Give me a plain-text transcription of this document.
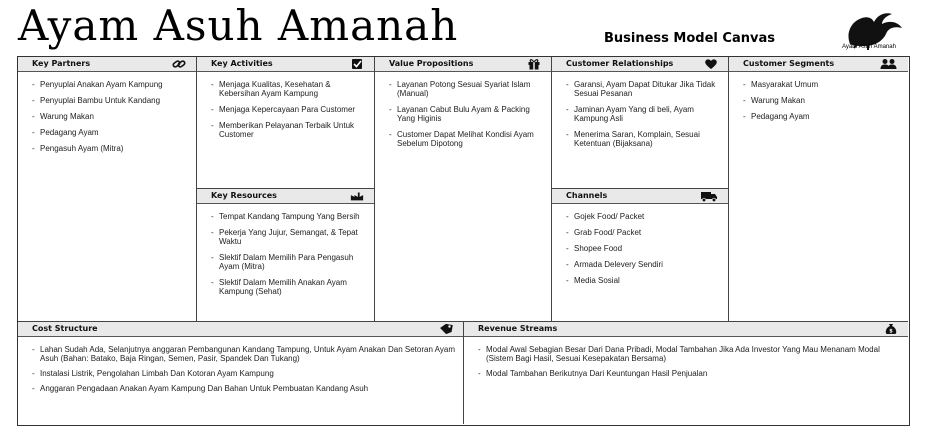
Ayam Asuh Amanah	Business Model Canvas
Ayam Asuh Amanah
Key Partners
- Penyuplai Anakan Ayam Kampung
- Penyuplai Bambu Untuk Kandang
- Warung Makan
- Pedagang Ayam
- Pengasuh Ayam (Mitra)
Key Activities
- Menjaga Kualitas, Kesehatan & Kebersihan Ayam Kampung
- Menjaga Kepercayaan Para Customer
- Memberikan Pelayanan Terbaik Untuk Customer
Key Resources
- Tempat Kandang Tampung Yang Bersih
- Pekerja Yang Jujur, Semangat, & Tepat Waktu
- Slektif Dalam Memilih Para Pengasuh Ayam (Mitra)
- Slektif Dalam Memilih Anakan Ayam Kampung (Sehat)
Value Propositions
- Layanan Potong Sesuai Syariat Islam (Manual)
- Layanan Cabut Bulu Ayam & Packing Yang Higinis
- Customer Dapat Melihat Kondisi Ayam Sebelum Dipotong
Customer Relationships
- Garansi, Ayam Dapat Ditukar Jika Tidak Sesuai Pesanan
- Jaminan Ayam Yang di beli, Ayam Kampung Asli
- Menerima Saran, Komplain, Sesuai Ketentuan (Bijaksana)
Channels
- Gojek Food/ Packet
- Grab Food/ Packet
- Shopee Food
- Armada Delevery Sendiri
- Media Sosial
Customer Segments
- Masyarakat Umum
- Warung Makan
- Pedagang Ayam
Cost Structure
- Lahan Sudah Ada, Selanjutnya anggaran Pembangunan Kandang Tampung, Untuk Ayam Anakan Dan Setoran Ayam Asuh (Bahan: Batako, Baja Ringan, Semen, Pasir, Spandek Dan Tukang)
- Instalasi Listrik, Pengolahan Limbah Dan Kotoran Ayam Kampung
- Anggaran Pengadaan Anakan Ayam Kampung Dan Bahan Untuk Pembuatan Kandang Asuh
Revenue Streams	$
- Modal Awal Sebagian Besar Dari Dana Pribadi, Modal Tambahan Jika Ada Investor Yang Mau Menanam Modal (Sistem Bagi Hasil, Sesuai Kesepakatan Bersama)
- Modal Tambahan Berikutnya Dari Keuntungan Hasil Penjualan
